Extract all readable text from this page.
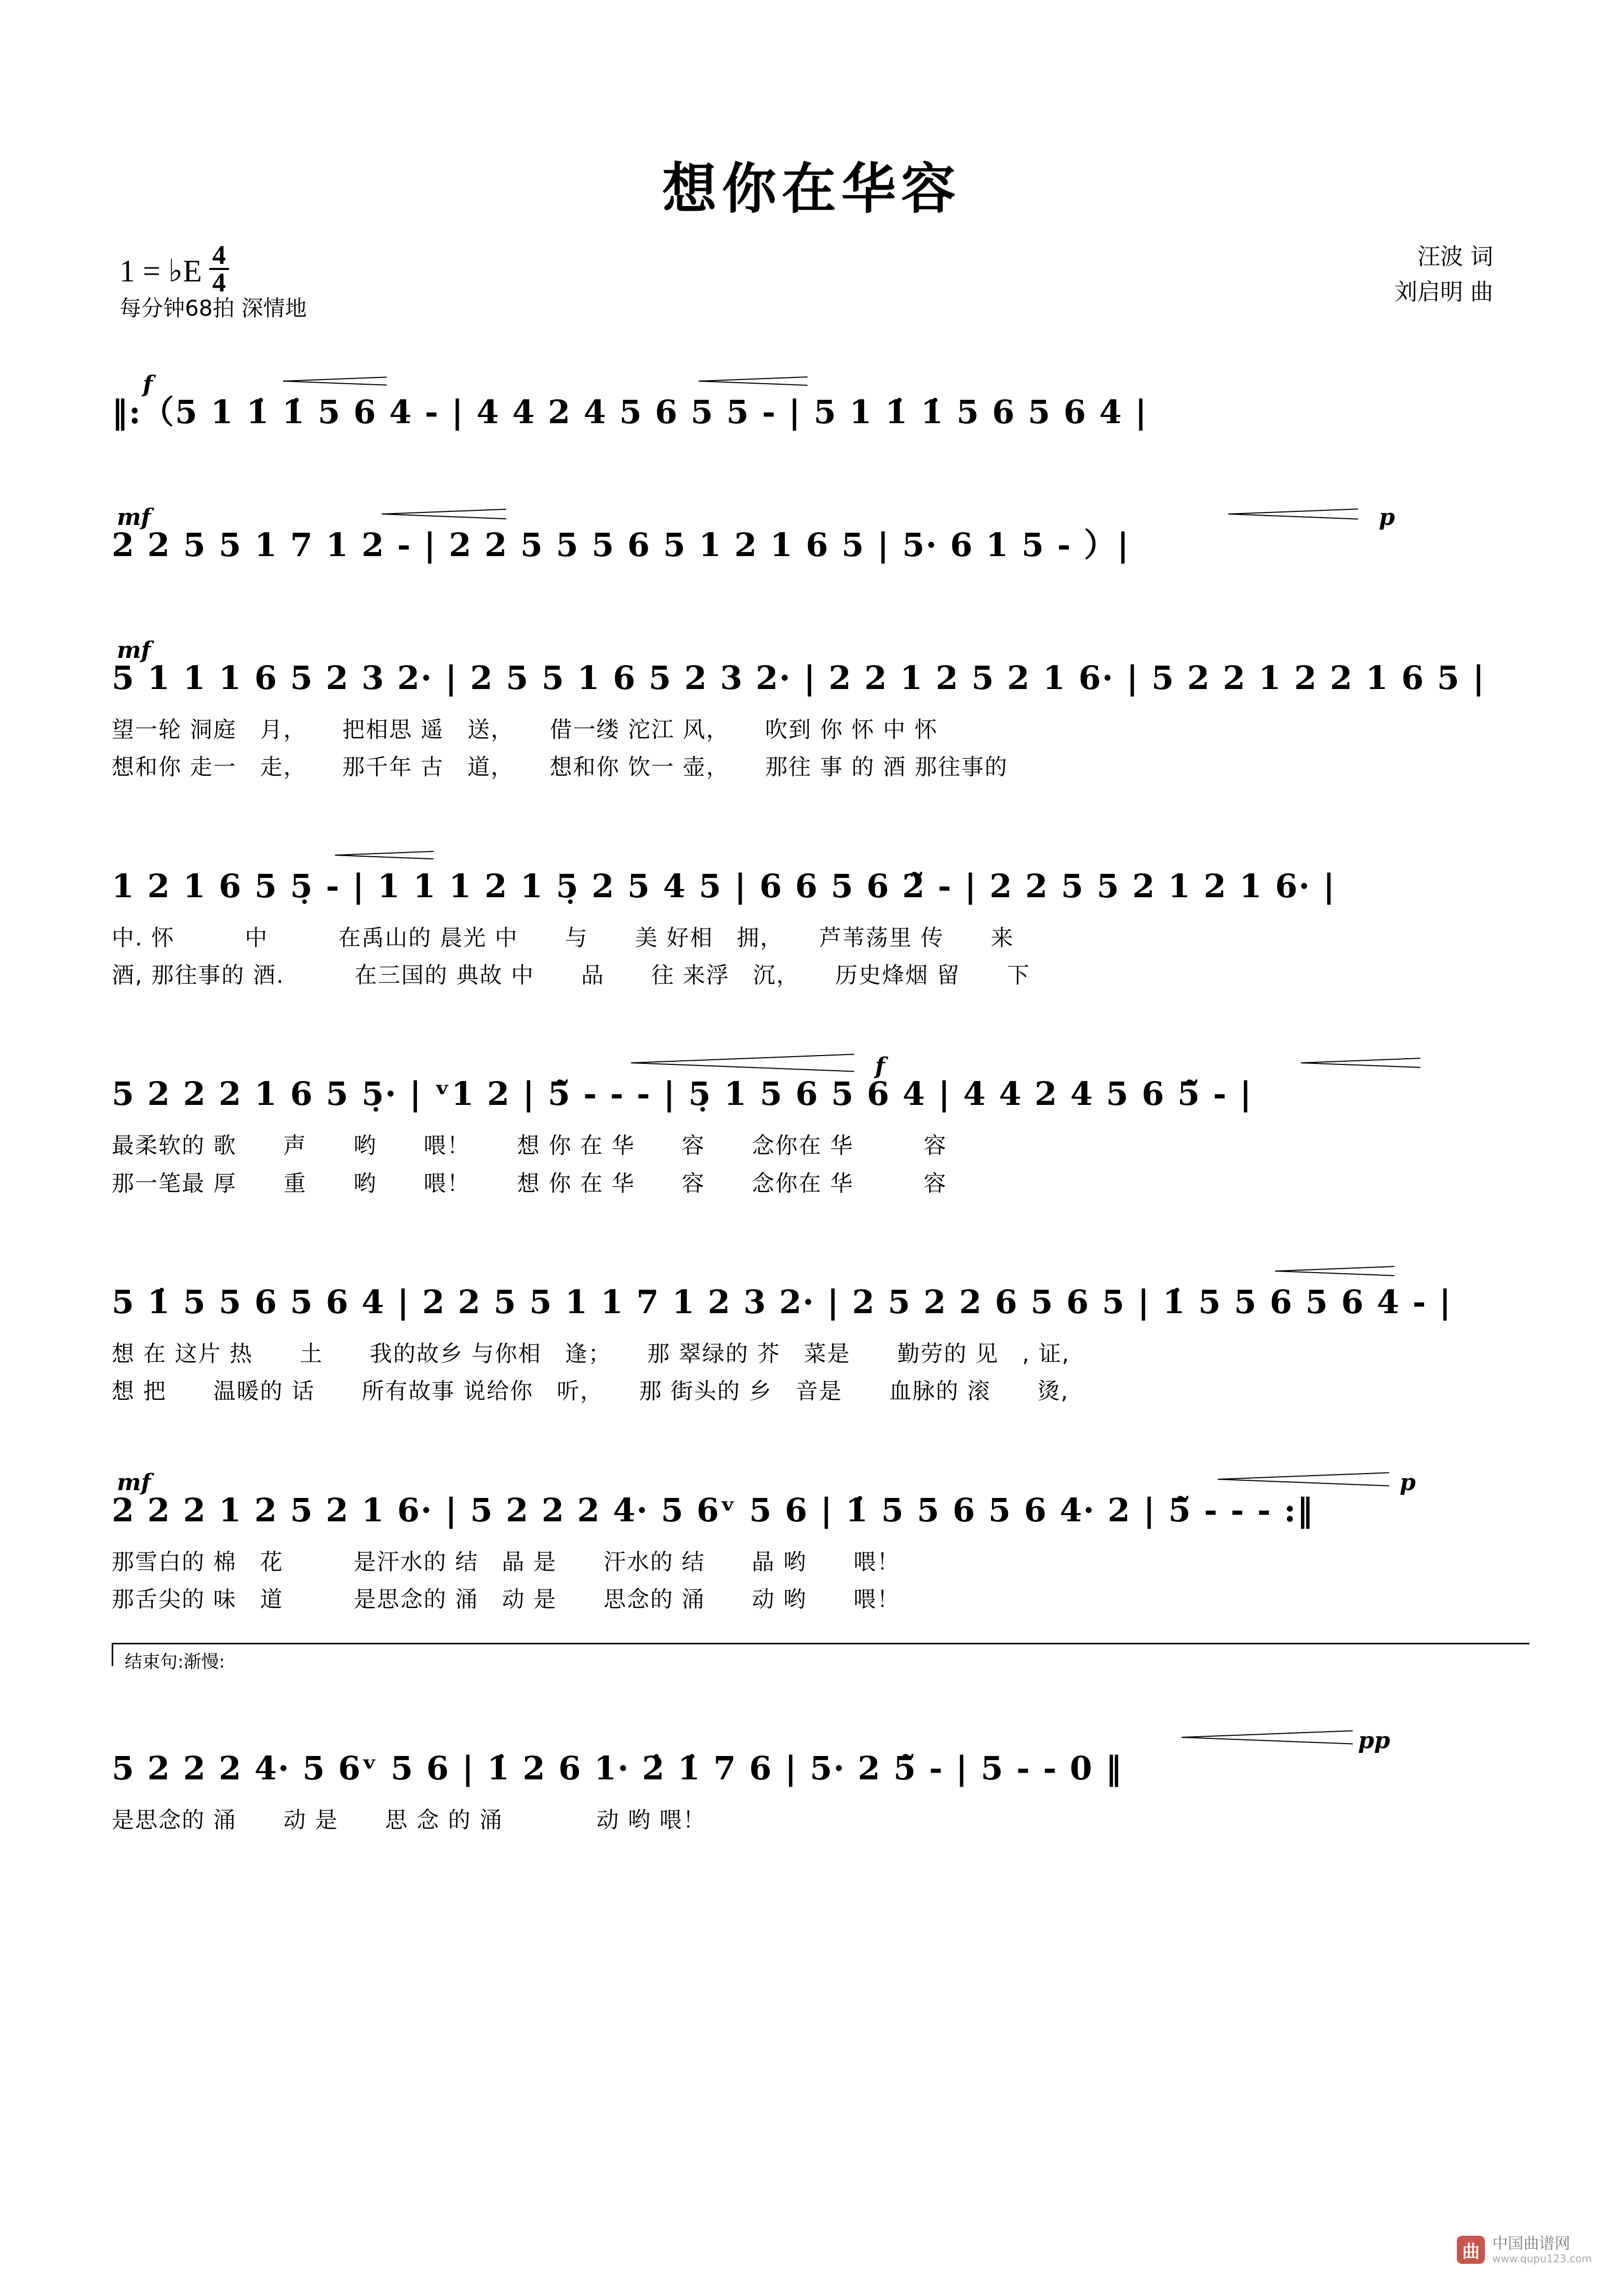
想你在华容
1 = ♭E $\frac{4}{4}$
每分钟68拍 深情地
汪波 词
刘启明 曲
f
‖:（5 1 1̇ 1̇ 5 6 4 - | 4 4 2 4 5 6 5 5 - | 5 1 1̇ 1̇ 5 6 5 6 4 |
mf	p
2 2 5 5 1 7 1 2 - | 2 2 5 5 5 6 5 1 2 1 6 5 | 5· 6 1 5 - ）|
mf
5 1 1 1 6 5 2 3 2· | 2 5 5 1 6 5 2 3 2· | 2 2 1 2 5 2 1 6· | 5 2 2 1 2 2 1 6 5 |
望一轮 洞庭　月，　　把相思 遥　送，　　借一缕 沱江 风，　　吹到 你 怀 中 怀
想和你 走一　走，　　那千年 古　道，　　想和你 饮一 壶，　　那往 事 的 酒 那往事的
1 2 1 6 5 5̣ - | 1 1 1 2 1 5̣ 2 5 4 5 | 6 6 5 6 2̃ - | 2 2 5 5 2 1 2 1 6· |
中. 怀　　　中　　　在禹山的 晨光 中　　与　　美 好相　拥，　　芦苇荡里 传　　来
酒, 那往事的 酒.　　　在三国的 典故 中　　品　　往 来浮　沉，　　历史烽烟 留　　下
f
5 2 2 2 1 6 5 5̣· | ᵛ1 2 | 5̃ - - - | 5̣ 1 5 6 5 6 4 | 4 4 2 4 5 6 5̃ - |
最柔软的 歌　　声　　哟　　喂！　　想 你 在 华　　容　　念你在 华　　　容
那一笔最 厚　　重　　哟　　喂！　　想 你 在 华　　容　　念你在 华　　　容
5 1̇ 5 5 6 5 6 4 | 2 2 5 5 1 1 7 1 2 3 2· | 2 5 2 2 6 5 6 5 | 1̇ 5 5 6 5 6 4 - |
想 在 这片 热　　土　　我的故乡 与你相　逢；　　那 翠绿的 芥　菜是　　勤劳的 见　, 证,
想 把　　温暖的 话　　所有故事 说给你　听，　　那 街头的 乡　音是　　血脉的 滚　　烫,
mf	p
2 2 2 1 2 5 2 1 6· | 5 2 2 2 4· 5 6ᵛ 5 6 | 1̇ 5 5 6 5 6 4· 2 | 5̃ - - - :‖
那雪白的 棉　花　　　是汗水的 结　晶 是　　汗水的 结　　晶 哟　　喂！
那舌尖的 味　道　　　是思念的 涌　动 是　　思念的 涌　　动 哟　　喂！
结束句:渐慢:
pp
5 2 2 2 4· 5 6ᵛ 5 6 | 1̇ 2 6 1· 2̇ 1̇ 7 6 | 5· 2 5̃ - | 5 - - 0 ‖
是思念的 涌　　动 是　　思 念 的 涌　　　　动 哟 喂！
曲 中国曲谱网
www.qupu123.com
